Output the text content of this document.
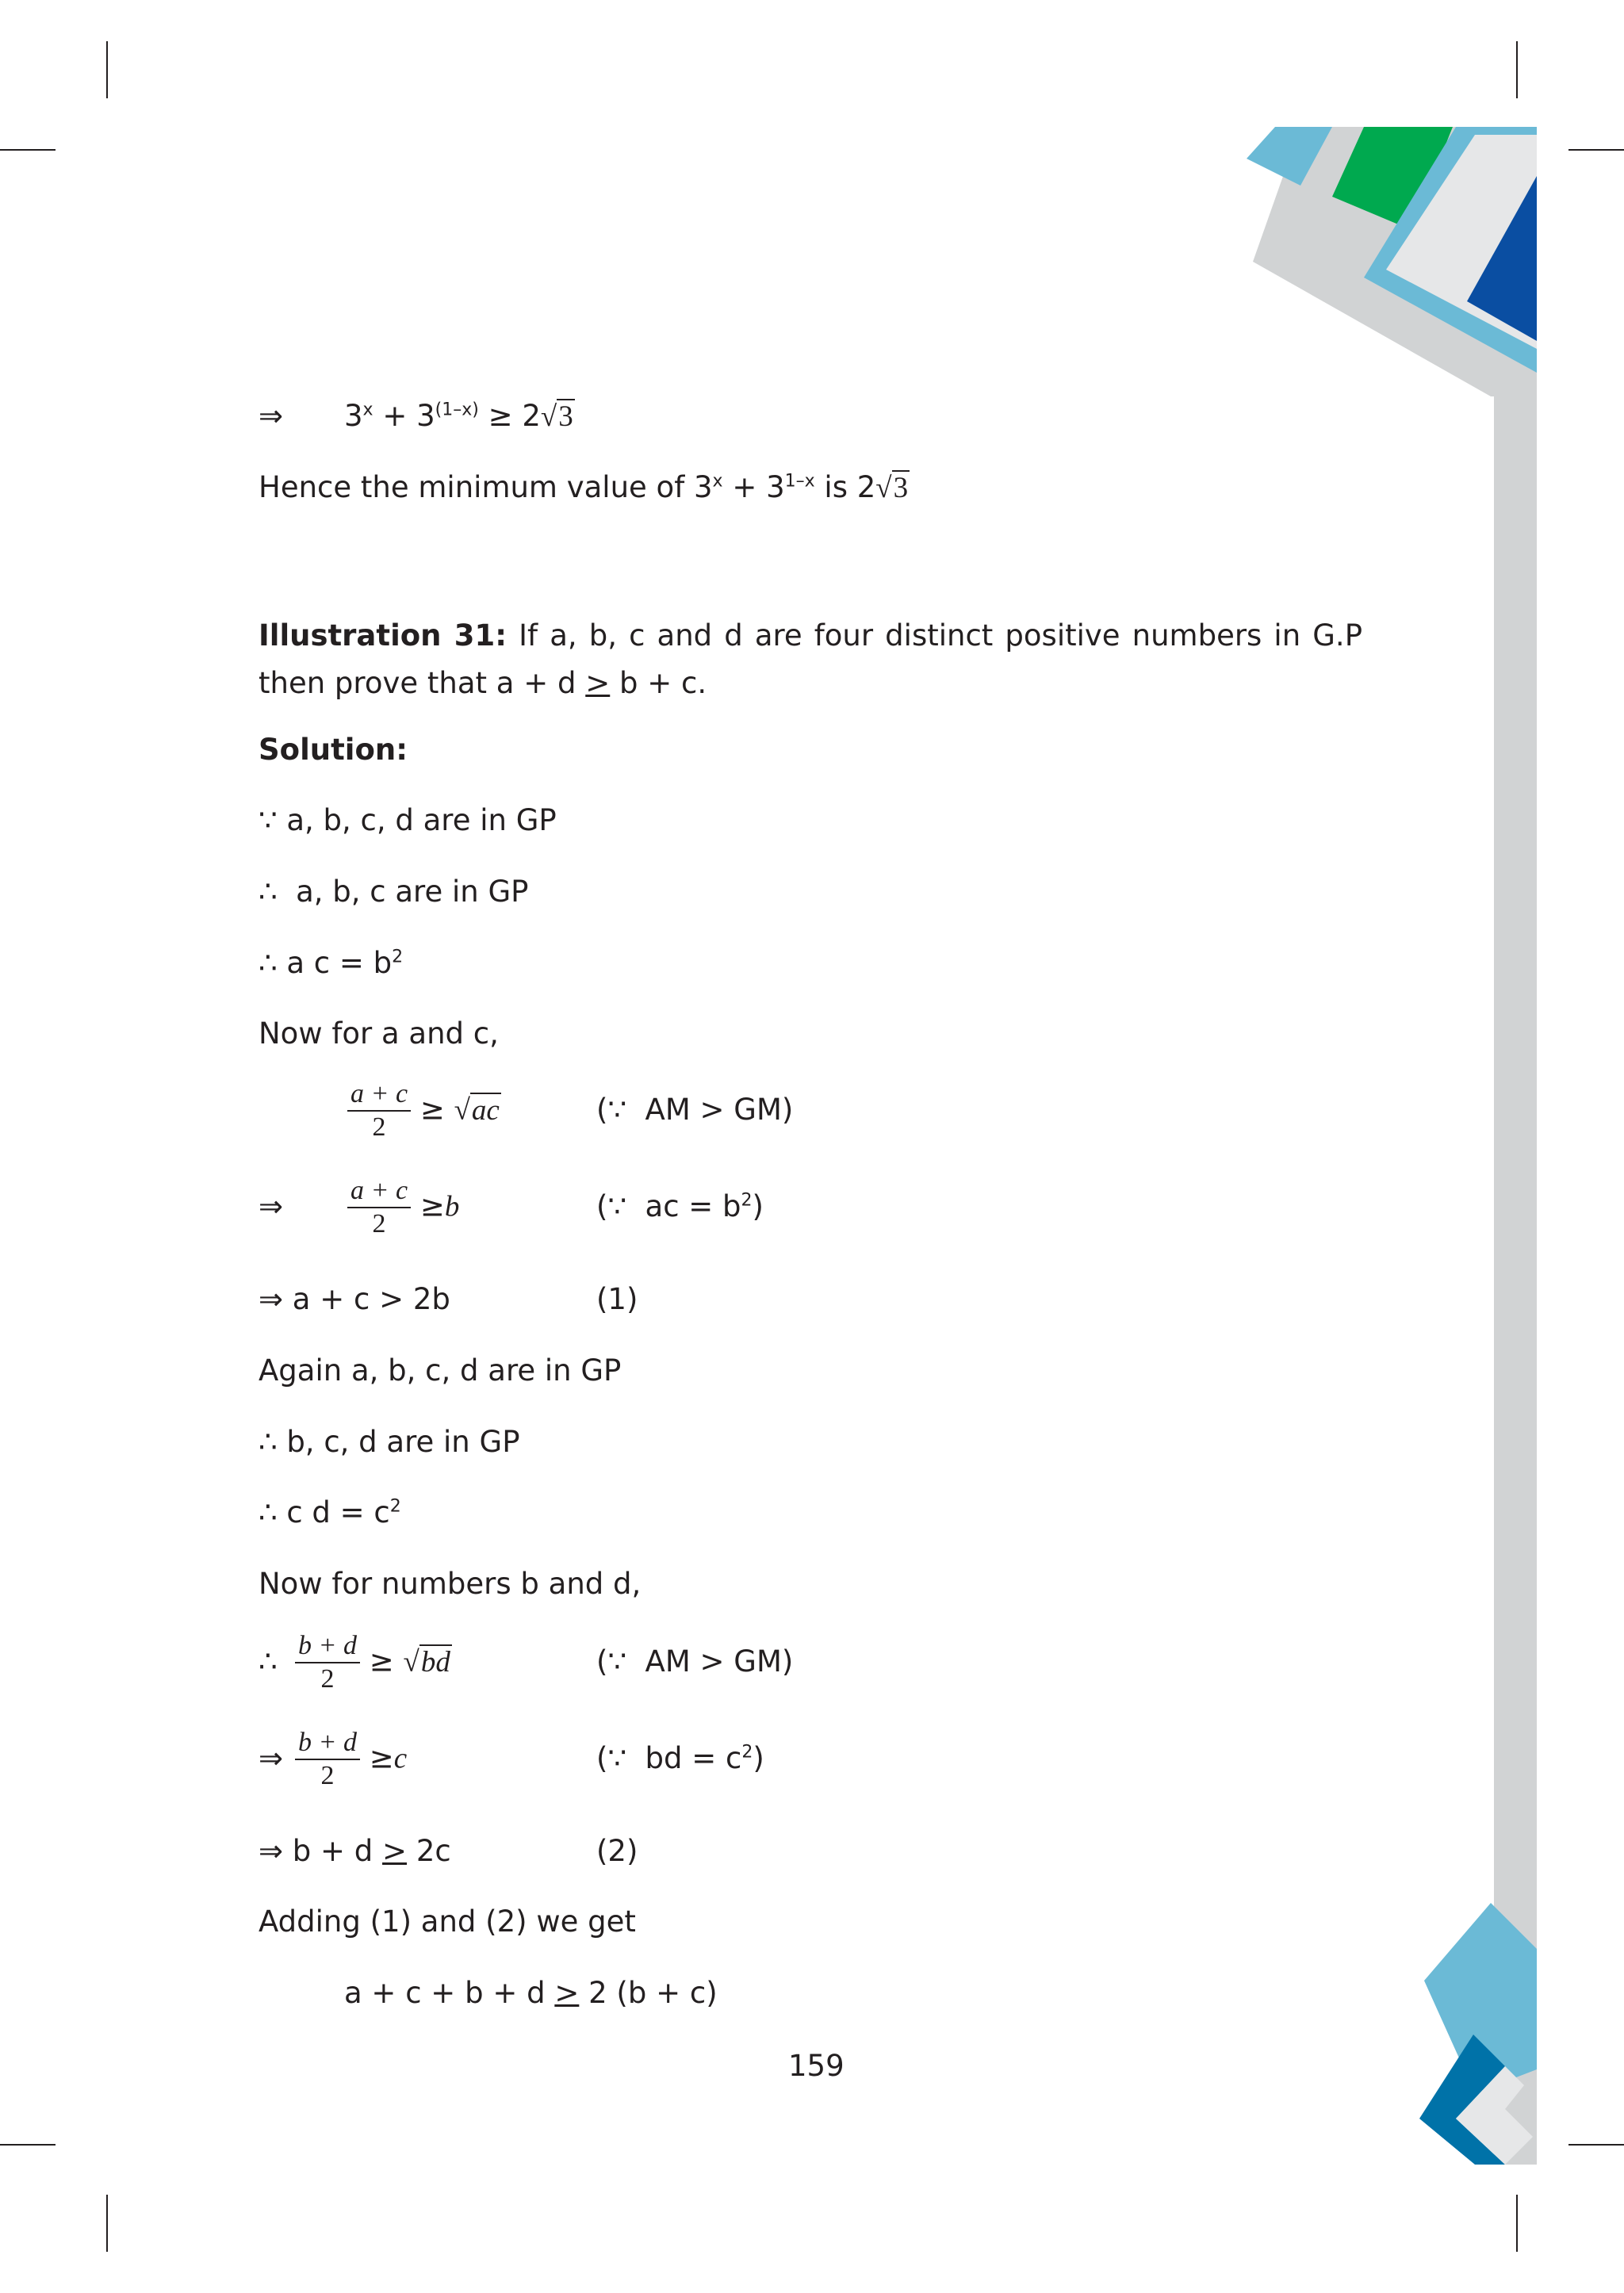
⇒ $3^x + 3^{(1-x)} \ge 2√3$
Hence the minimum value of $3^x + 3^{1-x}$ is 2√3
Illustration 31: If a, b, c and d are four distinct positive numbers in G.P then prove that a + d ≥ b + c.
Solution:
∵ a, b, c, d are in GP
∴ a, b, c are in GP
∴ a $c = b^2$
Now for a and c,
$\frac{a + c}{2} \ge √ac$	(∵ AM > GM)
⇒ $\frac{a + c}{2} \ge b$	(∵ ac = $b^2$)
⇒ a + c > 2b	(1)
Again a, b, c, d are in GP
∴ b, c, d are in GP
∴ c $d = c^2$
Now for numbers b and d,
∴ $\frac{b + d}{2} \ge √bd$	(∵ AM > GM)
⇒ $\frac{b + d}{2} \ge c$	(∵ bd = $c^2$)
⇒ b + d ≥ 2c	(2)
Adding (1) and (2) we get
a + c + b + d ≥ 2 (b + c)
159
